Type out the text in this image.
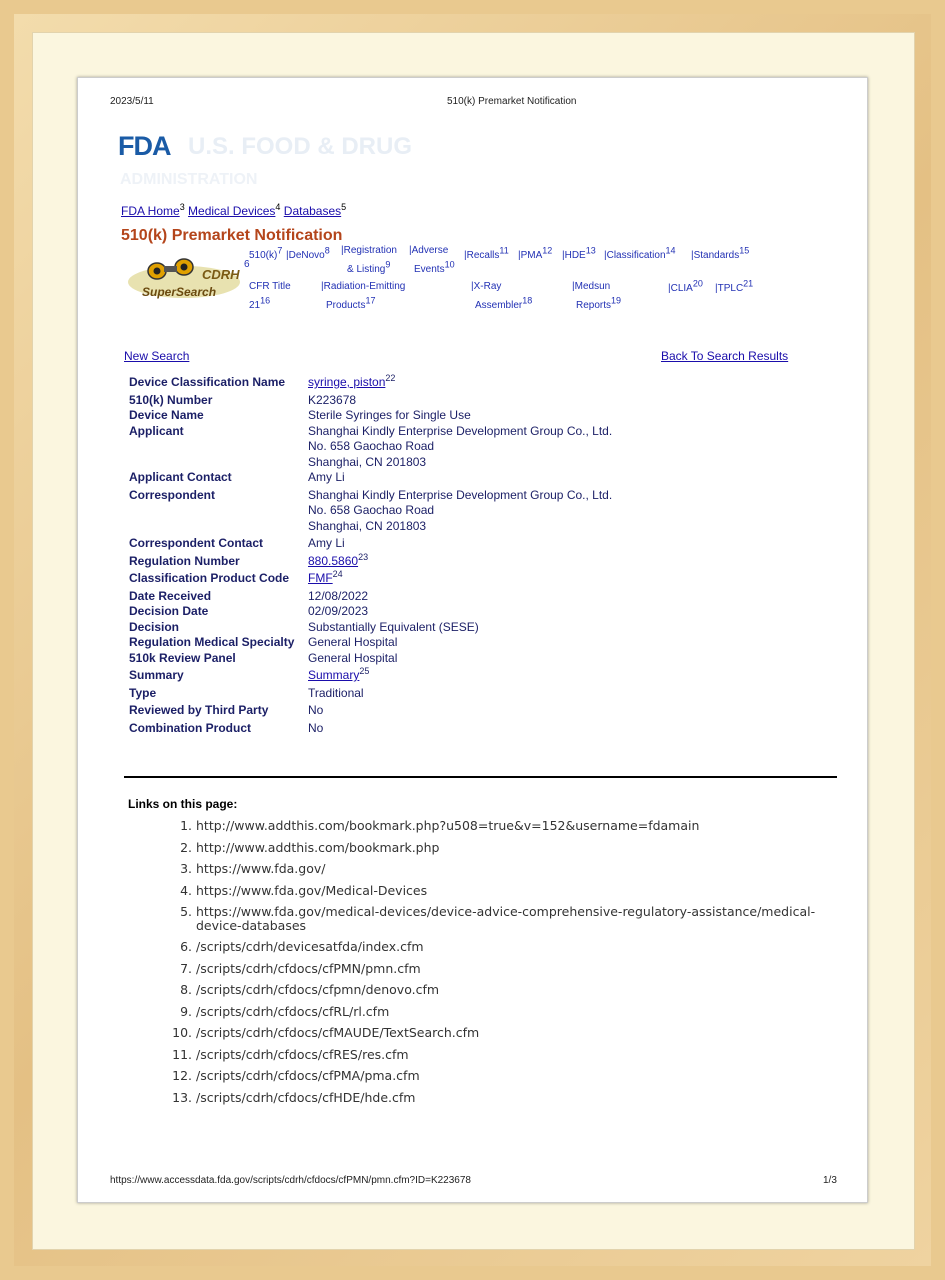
2023/5/11	510(k) Premarket Notification
FDA U.S. FOOD & DRUG
ADMINISTRATION
FDA Home$^3$ Medical Devices$^4$ Databases$^5$
510(k) Premarket Notification
CDRH
SuperSearch
6
$510(k)^7$ |DeNovo$^8$ |Registration
& Listing$^9$
|Adverse
Events$^{10}$
|Recalls$^{11}$ |PMA$^{12}$ |HDE$^{13}$ |Classification$^{14}$ |Standards$^{15}$
CFR Title
$21^{16}$
|Radiation-Emitting
Products$^{17}$
|X-Ray
Assembler$^{18}$
|Medsun
Reports$^{19}$
|CLIA$^{20}$ |TPLC$^{21}$
New Search	Back To Search Results
Device Classification Name	syringe, piston$^{22}$
510(k) Number	K223678
Device Name	Sterile Syringes for Single Use
Applicant	Shanghai Kindly Enterprise Development Group Co., Ltd.
No. 658 Gaochao Road
Shanghai, CN 201803

Applicant Contact	Amy Li
Correspondent	Shanghai Kindly Enterprise Development Group Co., Ltd.
No. 658 Gaochao Road
Shanghai, CN 201803

Correspondent Contact	Amy Li
Regulation Number	880.5860$^{23}$
Classification Product Code	FMF$^{24}$
Date Received	12/08/2022
Decision Date	02/09/2023
Decision	Substantially Equivalent (SESE)
Regulation Medical Specialty	General Hospital
510k Review Panel	General Hospital
Summary	Summary$^{25}$
Type	Traditional
Reviewed by Third Party	No
Combination Product	No
Links on this page:
1. http://www.addthis.com/bookmark.php?u508=true&v=152&username=fdamain
2. http://www.addthis.com/bookmark.php
3. https://www.fda.gov/
4. https://www.fda.gov/Medical-Devices
5. https://www.fda.gov/medical-devices/device-advice-comprehensive-regulatory-assistance/medical-device-databases
6. /scripts/cdrh/devicesatfda/index.cfm
7. /scripts/cdrh/cfdocs/cfPMN/pmn.cfm
8. /scripts/cdrh/cfdocs/cfpmn/denovo.cfm
9. /scripts/cdrh/cfdocs/cfRL/rl.cfm
10. /scripts/cdrh/cfdocs/cfMAUDE/TextSearch.cfm
11. /scripts/cdrh/cfdocs/cfRES/res.cfm
12. /scripts/cdrh/cfdocs/cfPMA/pma.cfm
13. /scripts/cdrh/cfdocs/cfHDE/hde.cfm
https://www.accessdata.fda.gov/scripts/cdrh/cfdocs/cfPMN/pmn.cfm?ID=K223678	1/3
